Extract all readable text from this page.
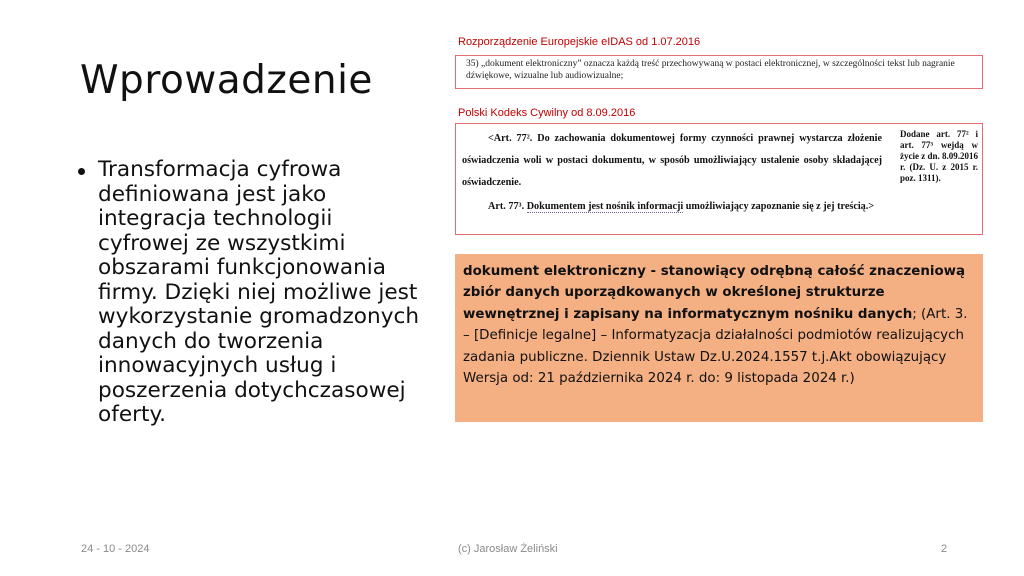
Wprowadzenie
Transformacja cyfrowa definiowana jest jako integracja technologii cyfrowej ze wszystkimi obszarami funkcjonowania firmy. Dzięki niej możliwe jest wykorzystanie gromadzonych danych do tworzenia innowacyjnych usług i poszerzenia dotychczasowej oferty.
Rozporządzenie Europejskie eIDAS od 1.07.2016
35) „dokument elektroniczny” oznacza każdą treść przechowywaną w postaci elektronicznej, w szczególności tekst lub nagranie dźwiękowe, wizualne lub audiowizualne;
Polski Kodeks Cywilny od 8.09.2016
<Art. 77². Do zachowania dokumentowej formy czynności prawnej wystarcza złożenie oświadczenia woli w postaci dokumentu, w sposób umożliwiający ustalenie osoby składającej oświadczenie.
Art. 77³. Dokumentem jest nośnik informacji umożliwiający zapoznanie się z jej treścią.>
Dodane art. 77² i art. 77³ wejdą w życie z dn. 8.09.2016 r. (Dz. U. z 2015 r. poz. 1311).
dokument elektroniczny - stanowiący odrębną całość znaczeniową zbiór danych uporządkowanych w określonej strukturze wewnętrznej i zapisany na informatycznym nośniku danych; (Art. 3. – [Definicje legalne] – Informatyzacja działalności podmiotów realizujących zadania publiczne. Dziennik Ustaw Dz.U.2024.1557 t.j.Akt obowiązujący Wersja od: 21 października 2024 r. do: 9 listopada 2024 r.)
24 - 10 - 2024	(c) Jarosław Żeliński	2
